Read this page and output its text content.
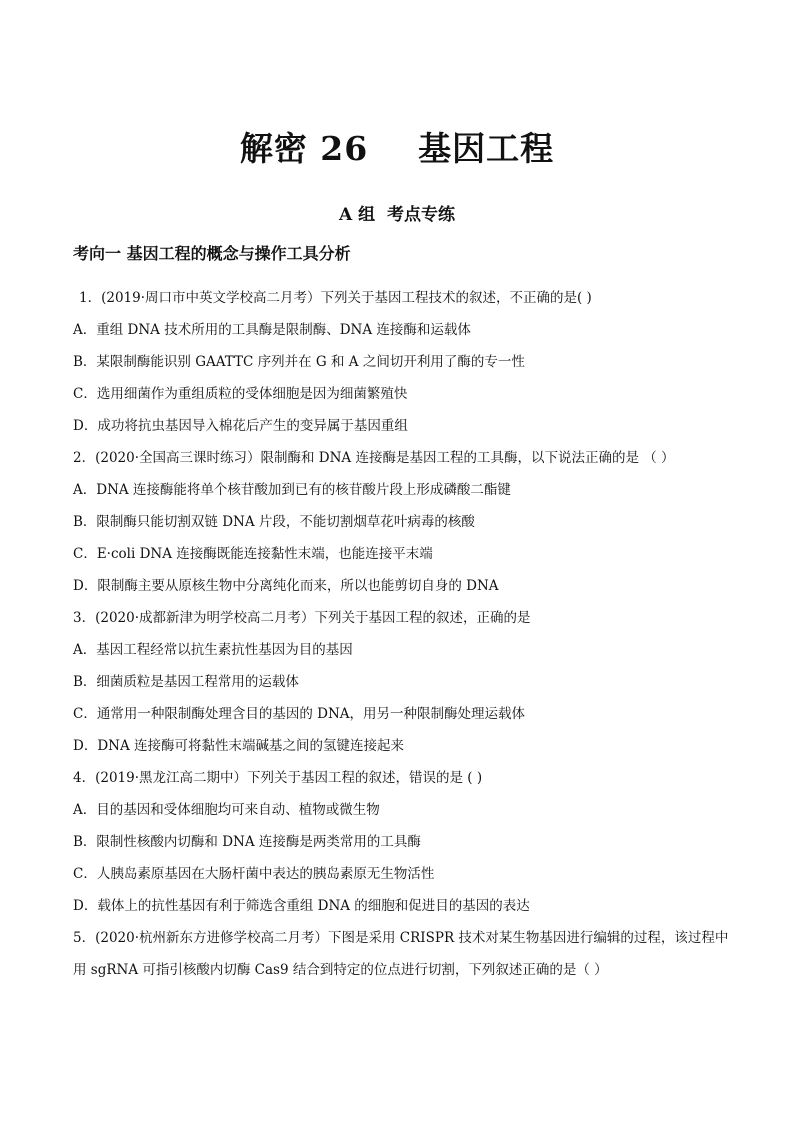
解密 26    基因工程
A 组  考点专练
考向一 基因工程的概念与操作工具分析
1．(2019·周口市中英文学校高二月考）下列关于基因工程技术的叙述，不正确的是( )
A．重组 DNA 技术所用的工具酶是限制酶、DNA 连接酶和运载体
B．某限制酶能识别 GAATTC 序列并在 G 和 A 之间切开利用了酶的专一性
C．选用细菌作为重组质粒的受体细胞是因为细菌繁殖快
D．成功将抗虫基因导入棉花后产生的变异属于基因重组
2．(2020·全国高三课时练习）限制酶和 DNA 连接酶是基因工程的工具酶，以下说法正确的是 （ ）
A．DNA 连接酶能将单个核苷酸加到已有的核苷酸片段上形成磷酸二酯键
B．限制酶只能切割双链 DNA 片段，不能切割烟草花叶病毒的核酸
C．E·coli DNA 连接酶既能连接黏性末端，也能连接平末端
D．限制酶主要从原核生物中分离纯化而来，所以也能剪切自身的 DNA
3．(2020·成都新津为明学校高二月考）下列关于基因工程的叙述，正确的是
A．基因工程经常以抗生素抗性基因为目的基因
B．细菌质粒是基因工程常用的运载体
C．通常用一种限制酶处理含目的基因的 DNA，用另一种限制酶处理运载体
D．DNA 连接酶可将黏性末端碱基之间的氢键连接起来
4．(2019·黑龙江高二期中）下列关于基因工程的叙述，错误的是 ( )
A．目的基因和受体细胞均可来自动、植物或微生物
B．限制性核酸内切酶和 DNA 连接酶是两类常用的工具酶
C．人胰岛素原基因在大肠杆菌中表达的胰岛素原无生物活性
D．载体上的抗性基因有利于筛选含重组 DNA 的细胞和促进目的基因的表达
5．(2020·杭州新东方进修学校高二月考）下图是采用 CRISPR 技术对某生物基因进行编辑的过程，该过程中用 sgRNA 可指引核酸内切酶 Cas9 结合到特定的位点进行切割，下列叙述正确的是（ ）
